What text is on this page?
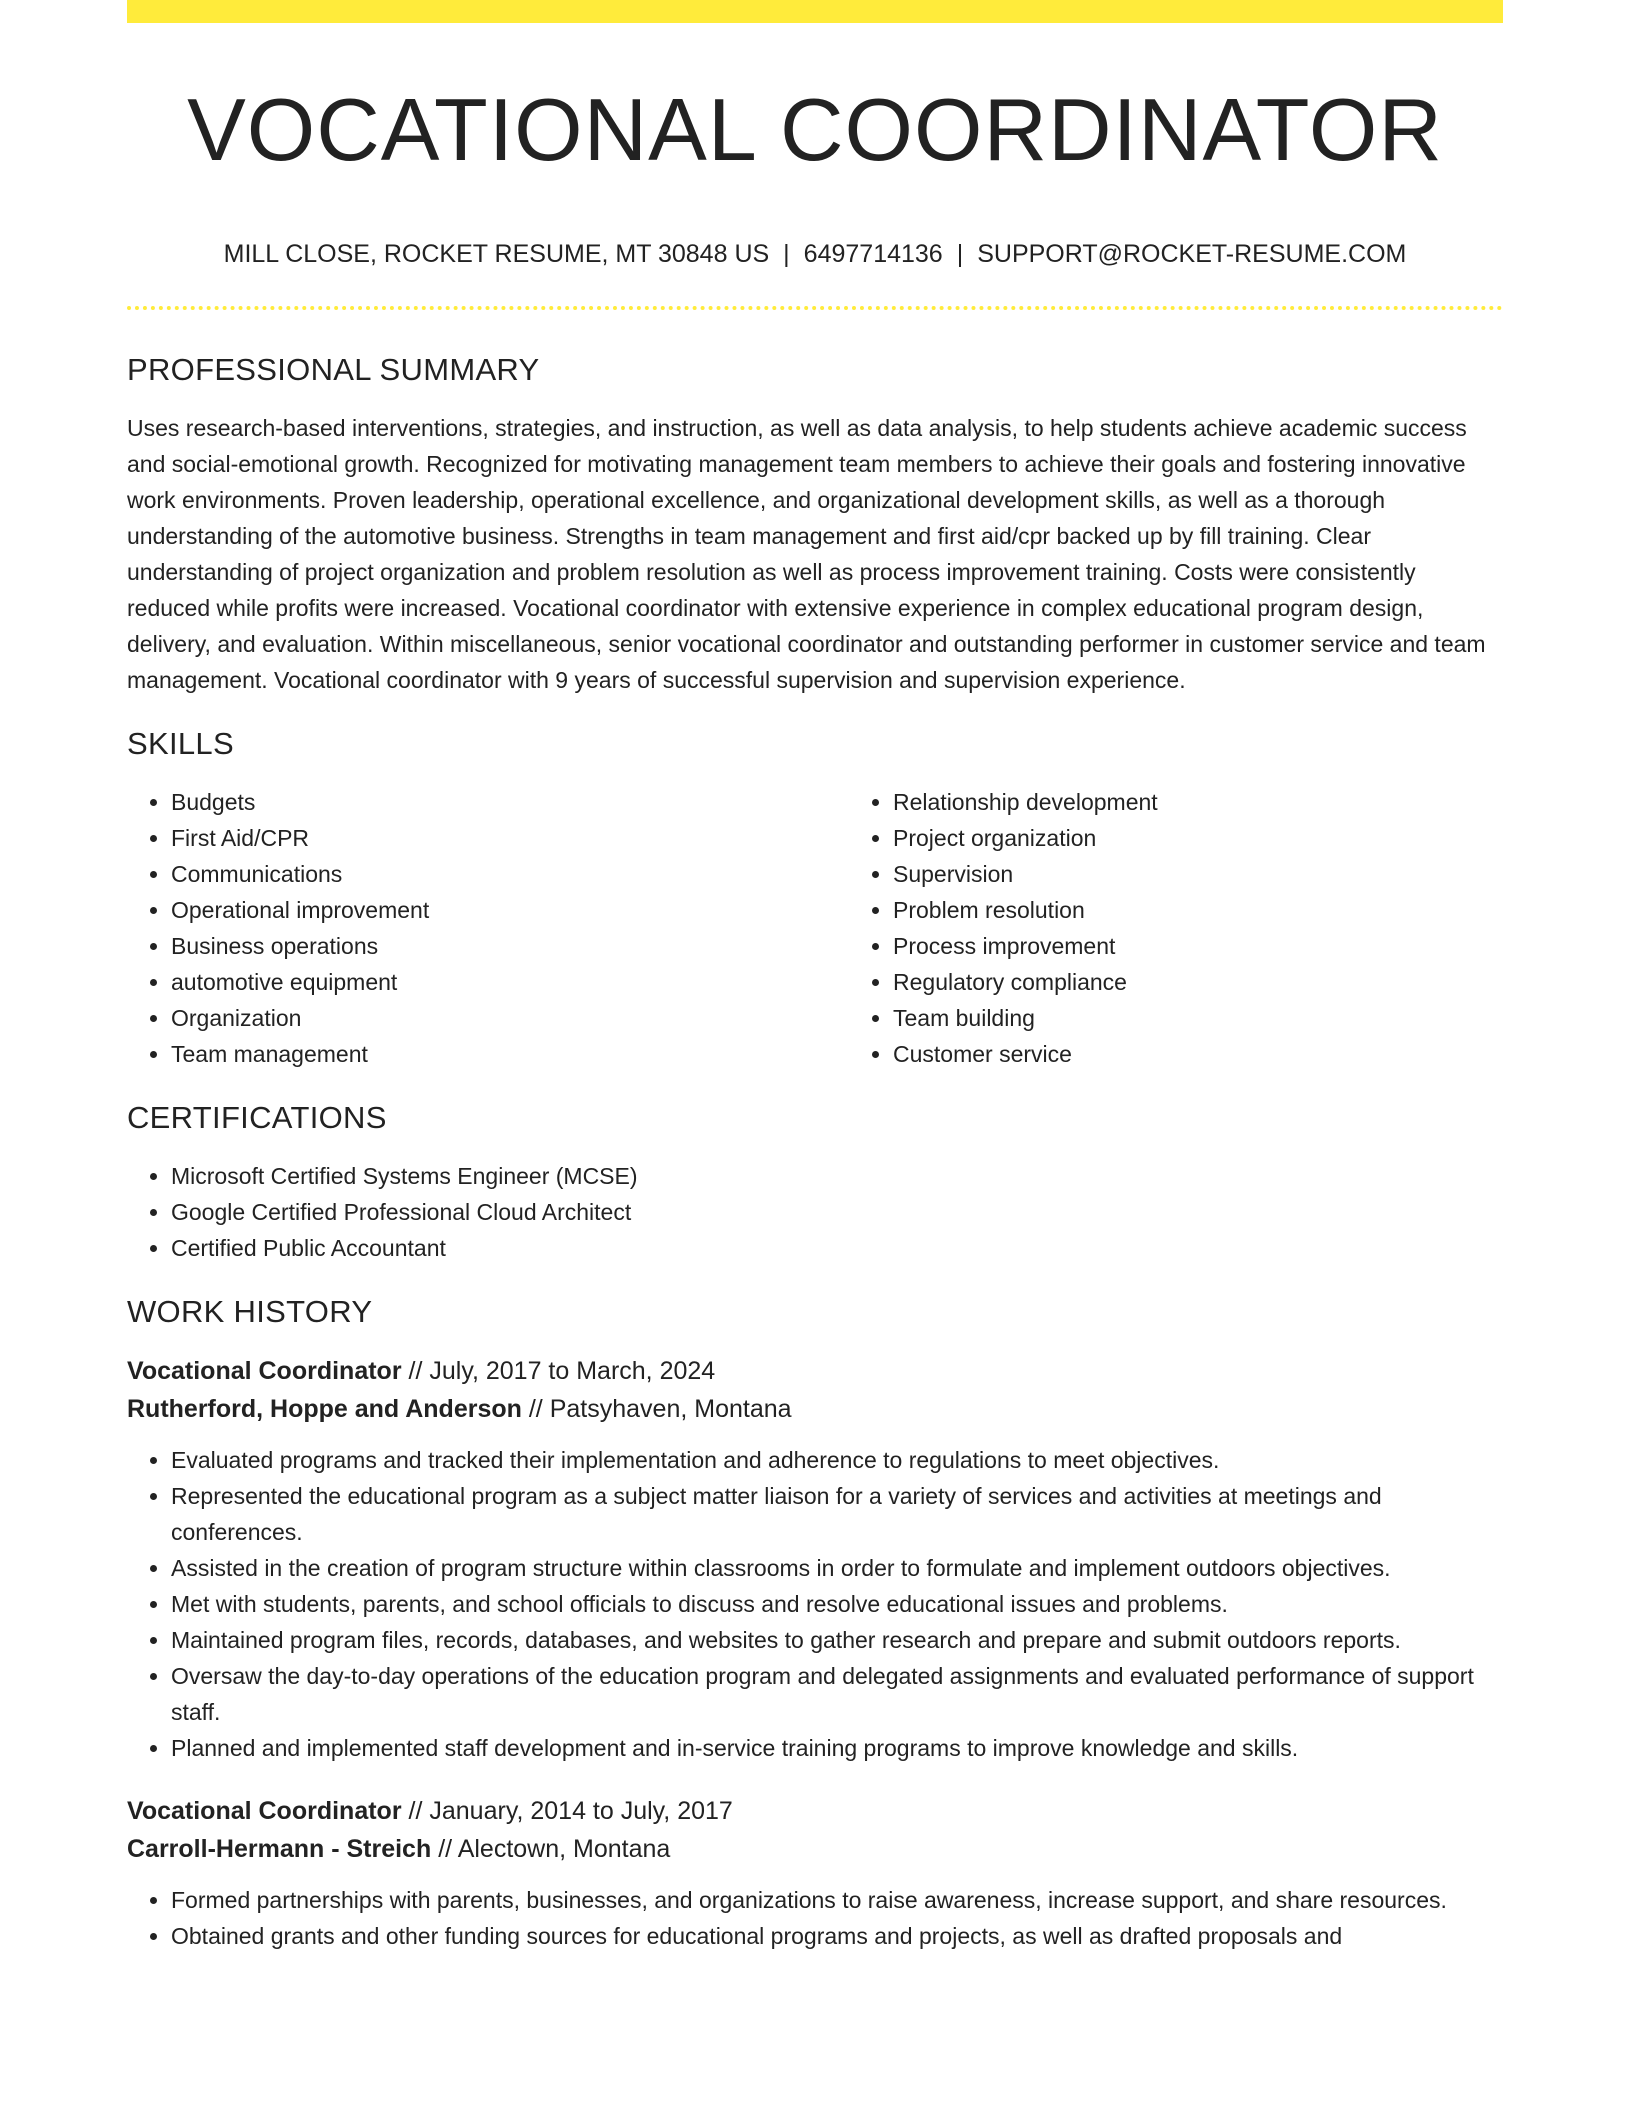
VOCATIONAL COORDINATOR
MILL CLOSE, ROCKET RESUME, MT 30848 US | 6497714136 | SUPPORT@ROCKET-RESUME.COM
PROFESSIONAL SUMMARY

Uses research-based interventions, strategies, and instruction, as well as data analysis, to help students achieve academic success and social-emotional growth. Recognized for motivating management team members to achieve their goals and fostering innovative work environments. Proven leadership, operational excellence, and organizational development skills, as well as a thorough understanding of the automotive business. Strengths in team management and first aid/cpr backed up by fill training. Clear understanding of project organization and problem resolution as well as process improvement training. Costs were consistently reduced while profits were increased. Vocational coordinator with extensive experience in complex educational program design, delivery, and evaluation. Within miscellaneous, senior vocational coordinator and outstanding performer in customer service and team management. Vocational coordinator with 9 years of successful supervision and supervision experience.

SKILLS
• Budgets
• First Aid/CPR
• Communications
• Operational improvement
• Business operations
• automotive equipment
• Organization
• Team management
• Relationship development
• Project organization
• Supervision
• Problem resolution
• Process improvement
• Regulatory compliance
• Team building
• Customer service
CERTIFICATIONS
• Microsoft Certified Systems Engineer (MCSE)
• Google Certified Professional Cloud Architect
• Certified Public Accountant
WORK HISTORY
Vocational Coordinator // July, 2017 to March, 2024
Rutherford, Hoppe and Anderson // Patsyhaven, Montana
• Evaluated programs and tracked their implementation and adherence to regulations to meet objectives.
• Represented the educational program as a subject matter liaison for a variety of services and activities at meetings and conferences.
• Assisted in the creation of program structure within classrooms in order to formulate and implement outdoors objectives.
• Met with students, parents, and school officials to discuss and resolve educational issues and problems.
• Maintained program files, records, databases, and websites to gather research and prepare and submit outdoors reports.
• Oversaw the day-to-day operations of the education program and delegated assignments and evaluated performance of support staff.
• Planned and implemented staff development and in-service training programs to improve knowledge and skills.
Vocational Coordinator // January, 2014 to July, 2017
Carroll-Hermann - Streich // Alectown, Montana
• Formed partnerships with parents, businesses, and organizations to raise awareness, increase support, and share resources.
• Obtained grants and other funding sources for educational programs and projects, as well as drafted proposals and
